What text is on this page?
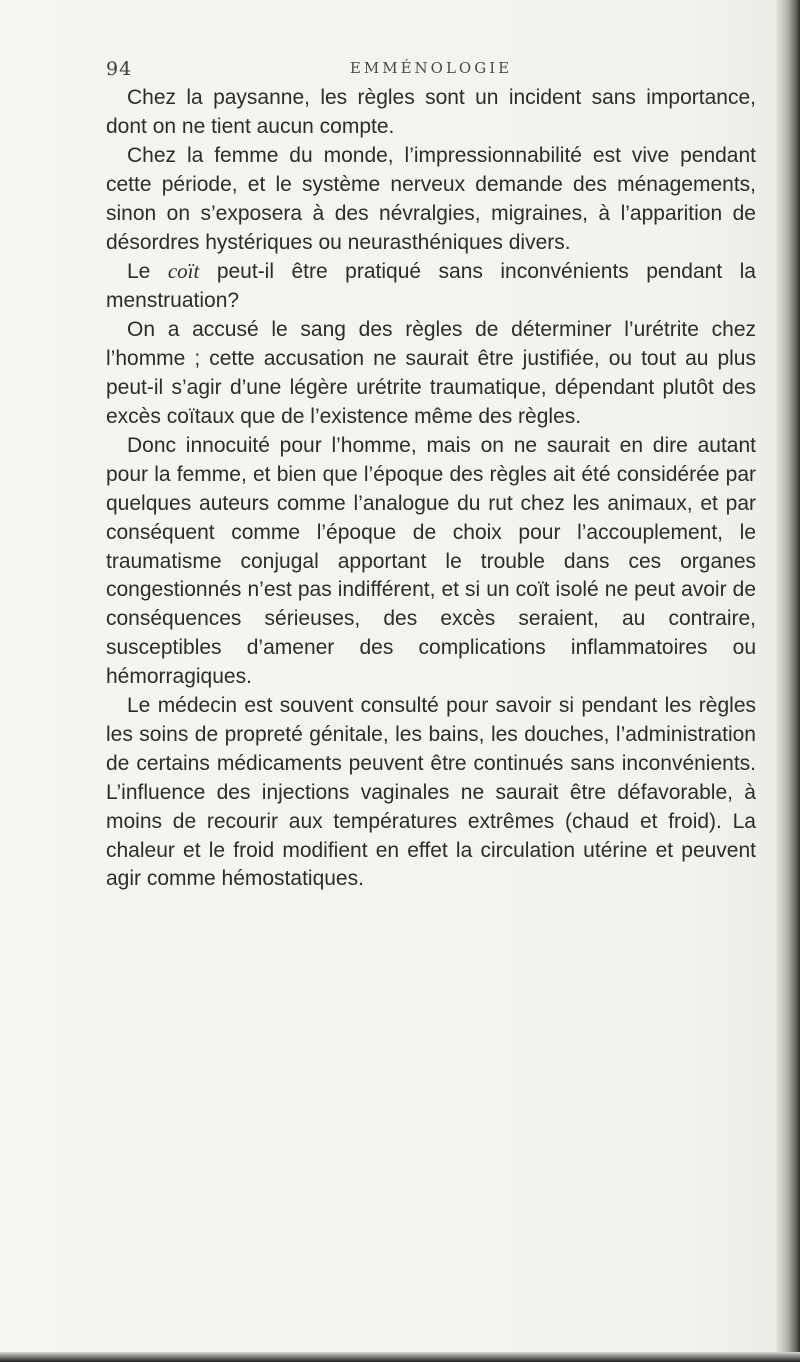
94	EMMÉNOLOGIE

Chez la paysanne, les règles sont un incident sans importance, dont on ne tient aucun compte.

Chez la femme du monde, l’impressionnabilité est vive pendant cette période, et le système nerveux demande des ménagements, sinon on s’exposera à des névralgies, migraines, à l’apparition de désordres hystériques ou neurasthéniques divers.

Le coït peut-il être pratiqué sans inconvénients pendant la menstruation?

On a accusé le sang des règles de déterminer l’urétrite chez l’homme ; cette accusation ne saurait être justifiée, ou tout au plus peut-il s’agir d’une légère urétrite traumatique, dépendant plutôt des excès coïtaux que de l’existence même des règles.

Donc innocuité pour l’homme, mais on ne saurait en dire autant pour la femme, et bien que l’époque des règles ait été considérée par quelques auteurs comme l’analogue du rut chez les animaux, et par conséquent comme l’époque de choix pour l’accouplement, le traumatisme conjugal apportant le trouble dans ces organes congestionnés n’est pas indifférent, et si un coït isolé ne peut avoir de conséquences sérieuses, des excès seraient, au contraire, susceptibles d’amener des complications inflammatoires ou hémorragiques.

Le médecin est souvent consulté pour savoir si pendant les règles les soins de propreté génitale, les bains, les douches, l’administration de certains médicaments peuvent être continués sans inconvénients. L’influence des injections vaginales ne saurait être défavorable, à moins de recourir aux températures extrêmes (chaud et froid). La chaleur et le froid modifient en effet la circulation utérine et peuvent agir comme hémostatiques.
